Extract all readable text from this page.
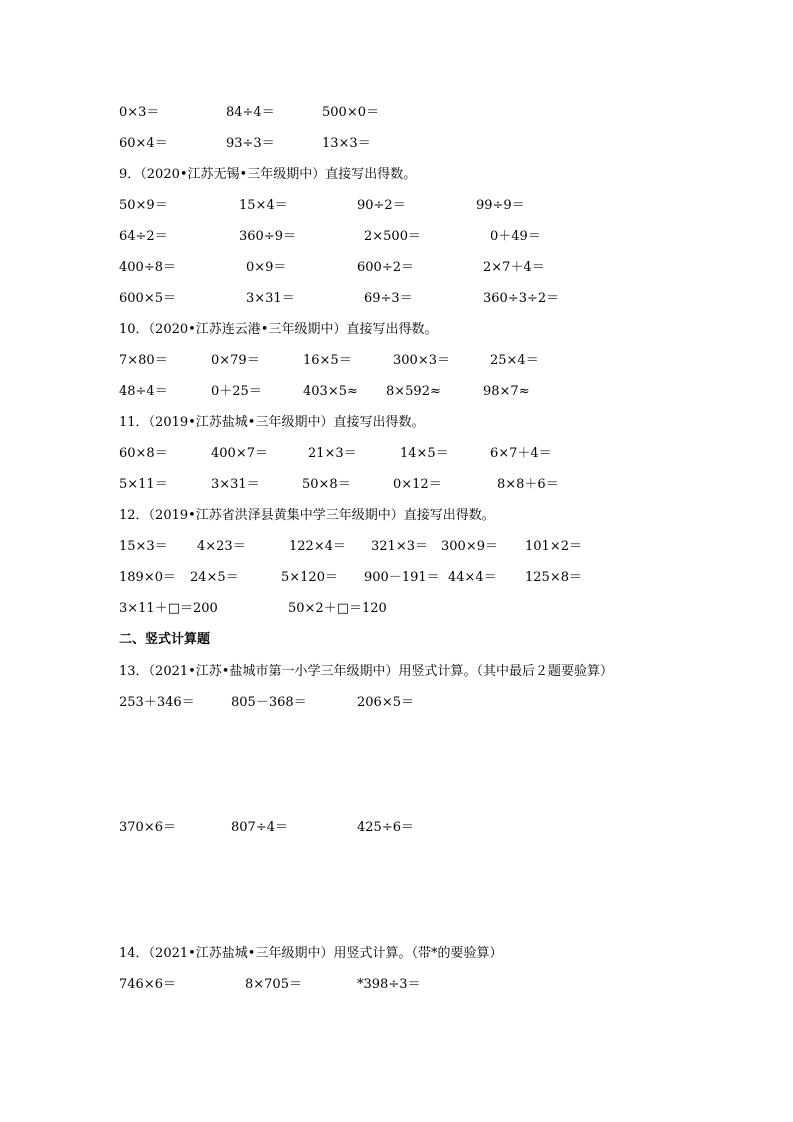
0×3＝	84÷4＝	500×0＝
60×4＝	93÷3＝	13×3＝
9．（2020•江苏无锡•三年级期中）直接写出得数。
50×9＝	15×4＝	90÷2＝	99÷9＝
64÷2＝	360÷9＝	2×500＝	0＋49＝
400÷8＝	0×9＝	600÷2＝	2×7＋4＝
600×5＝	3×31＝	69÷3＝	360÷3÷2＝
10．（2020•江苏连云港•三年级期中）直接写出得数。
7×80＝	0×79＝	16×5＝	300×3＝	25×4＝
48÷4＝	0＋25＝	403×5≈ 8×592≈	98×7≈
11．（2019•江苏盐城•三年级期中）直接写出得数。
60×8＝	400×7＝	21×3＝	14×5＝	6×7＋4＝
5×11＝	3×31＝	50×8＝	0×12＝	8×8＋6＝
12．（2019•江苏省洪泽县黄集中学三年级期中）直接写出得数。
15×3＝ 4×23＝	122×4＝ 321×3＝ 300×9＝ 101×2＝
189×0＝ 24×5＝	5×120＝ 900－191＝ 44×4＝ 125×8＝
3×11＋□＝200	50×2＋□＝120
二、竖式计算题
13．（2021•江苏•盐城市第一小学三年级期中）用竖式计算。（其中最后２题要验算）
253＋346＝	805－368＝	206×5＝
370×6＝	807÷4＝	425÷6＝
14．（2021•江苏盐城•三年级期中）用竖式计算。（带*的要验算）
746×6＝	8×705＝	*398÷3＝
